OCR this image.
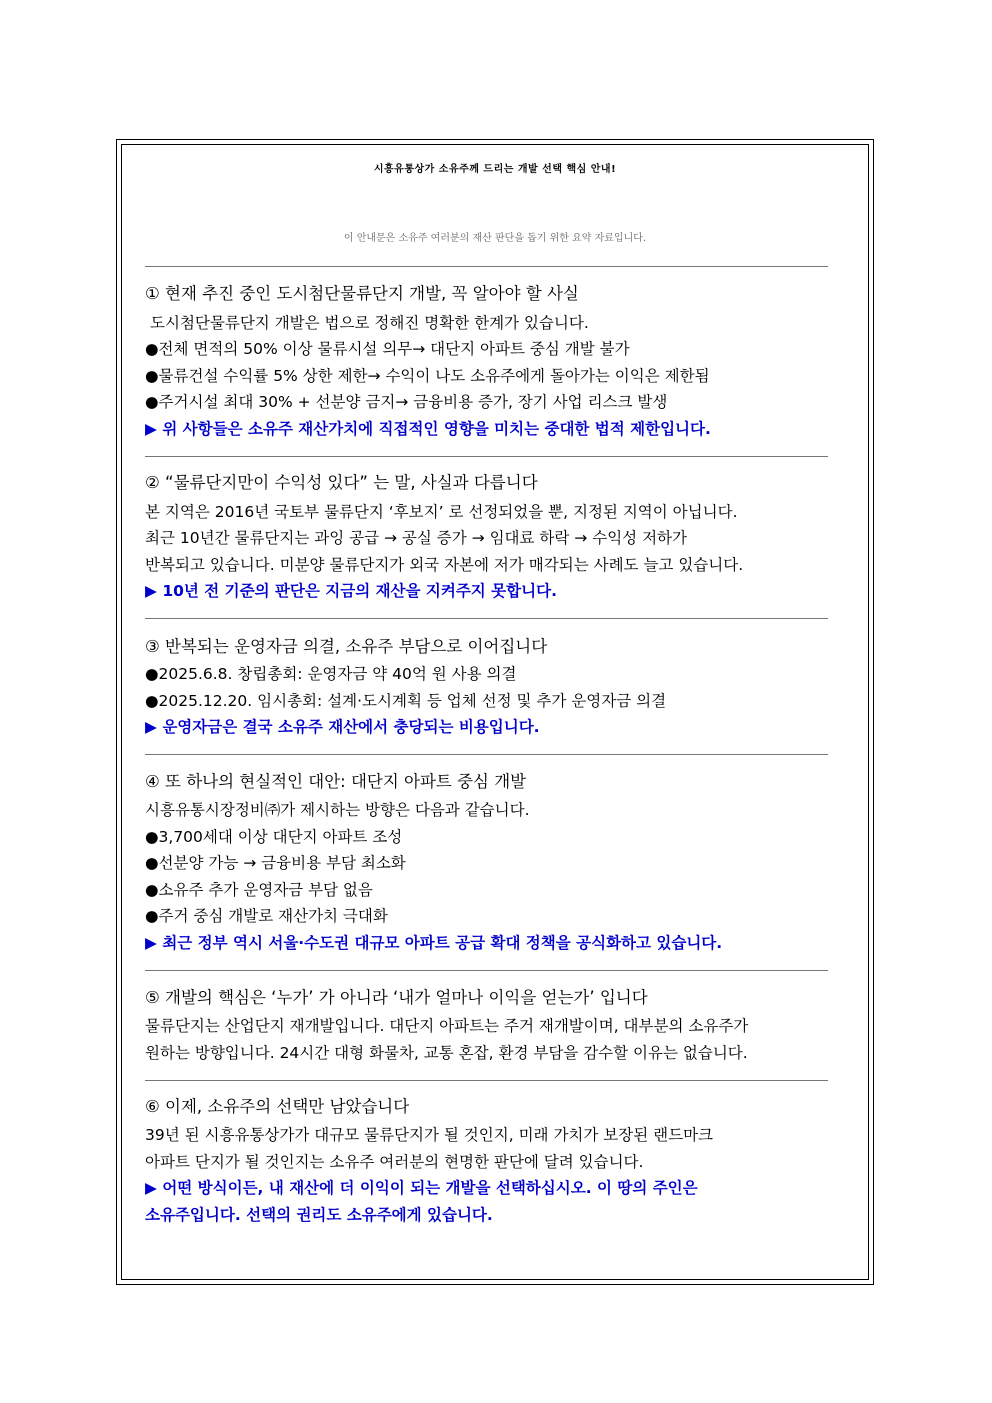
시흥유통상가 소유주께 드리는 개발 선택 핵심 안내!
이 안내문은 소유주 여러분의 재산 판단을 돕기 위한 요약 자료입니다.
① 현재 추진 중인 도시첨단물류단지 개발, 꼭 알아야 할 사실
도시첨단물류단지 개발은 법으로 정해진 명확한 한계가 있습니다.
●전체 면적의 50% 이상 물류시설 의무→ 대단지 아파트 중심 개발 불가
●물류건설 수익률 5% 상한 제한→ 수익이 나도 소유주에게 돌아가는 이익은 제한됨
●주거시설 최대 30% + 선분양 금지→ 금융비용 증가, 장기 사업 리스크 발생
▶ 위 사항들은 소유주 재산가치에 직접적인 영향을 미치는 중대한 법적 제한입니다.
② “물류단지만이 수익성 있다” 는 말, 사실과 다릅니다
본 지역은 2016년 국토부 물류단지 ‘후보지’ 로 선정되었을 뿐, 지정된 지역이 아닙니다.
최근 10년간 물류단지는 과잉 공급 → 공실 증가 → 임대료 하락 → 수익성 저하가
반복되고 있습니다. 미분양 물류단지가 외국 자본에 저가 매각되는 사례도 늘고 있습니다.
▶ 10년 전 기준의 판단은 지금의 재산을 지켜주지 못합니다.
③ 반복되는 운영자금 의결, 소유주 부담으로 이어집니다
●2025.6.8. 창립총회: 운영자금 약 40억 원 사용 의결
●2025.12.20. 임시총회: 설계·도시계획 등 업체 선정 및 추가 운영자금 의결
▶ 운영자금은 결국 소유주 재산에서 충당되는 비용입니다.
④ 또 하나의 현실적인 대안: 대단지 아파트 중심 개발
시흥유통시장정비㈜가 제시하는 방향은 다음과 같습니다.
●3,700세대 이상 대단지 아파트 조성
●선분양 가능 → 금융비용 부담 최소화
●소유주 추가 운영자금 부담 없음
●주거 중심 개발로 재산가치 극대화
▶ 최근 정부 역시 서울·수도권 대규모 아파트 공급 확대 정책을 공식화하고 있습니다.
⑤ 개발의 핵심은 ‘누가’ 가 아니라 ‘내가 얼마나 이익을 얻는가’ 입니다
물류단지는 산업단지 재개발입니다. 대단지 아파트는 주거 재개발이며, 대부분의 소유주가
원하는 방향입니다. 24시간 대형 화물차, 교통 혼잡, 환경 부담을 감수할 이유는 없습니다.
⑥ 이제, 소유주의 선택만 남았습니다
39년 된 시흥유통상가가 대규모 물류단지가 될 것인지, 미래 가치가 보장된 랜드마크
아파트 단지가 될 것인지는 소유주 여러분의 현명한 판단에 달려 있습니다.
▶ 어떤 방식이든, 내 재산에 더 이익이 되는 개발을 선택하십시오. 이 땅의 주인은
소유주입니다. 선택의 권리도 소유주에게 있습니다.
